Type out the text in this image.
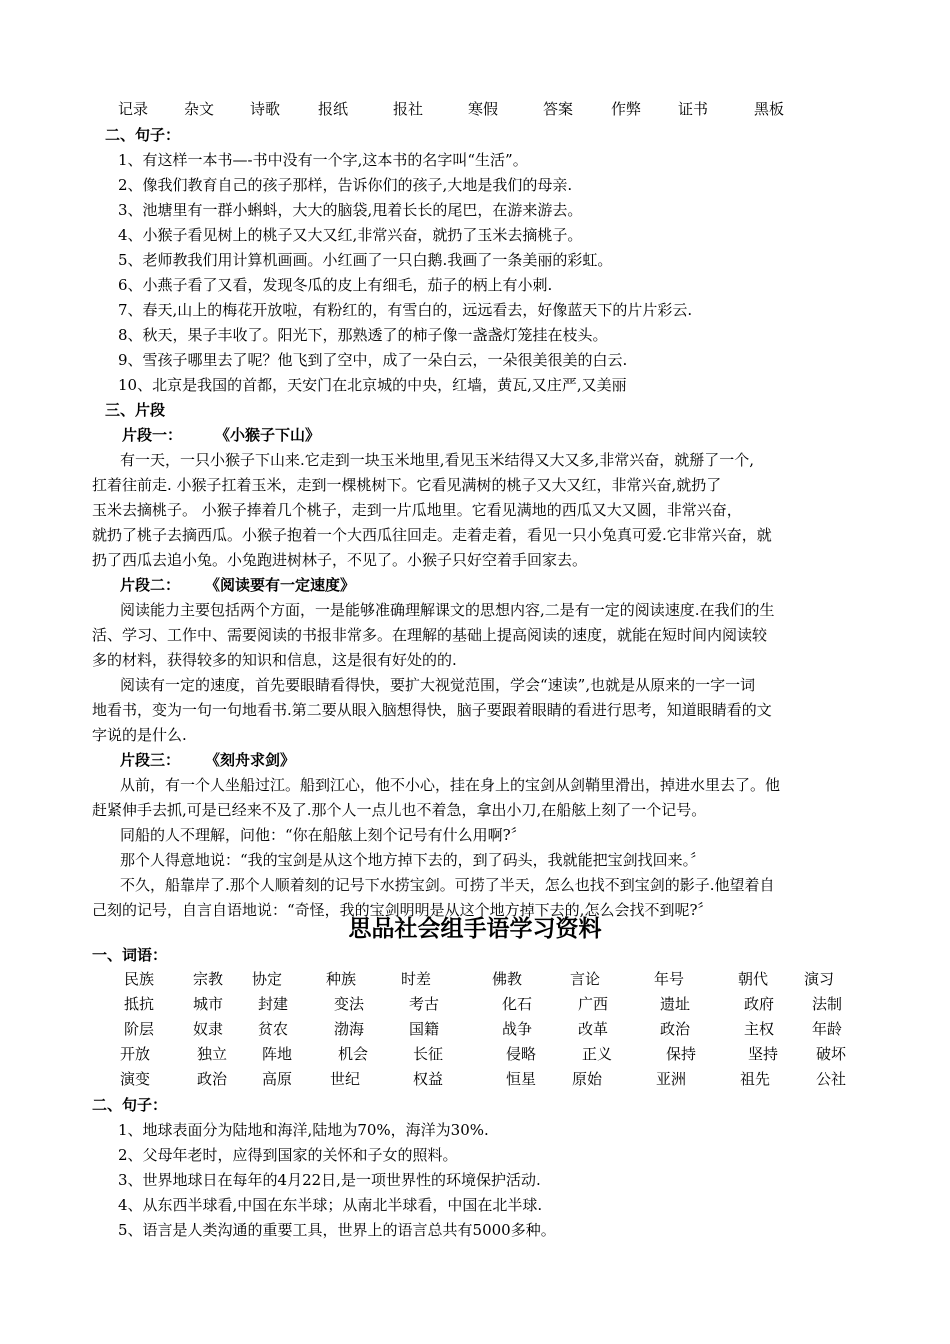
记录 杂文 诗歌	报纸	报社	寒假	答案	作弊 证书	黑板
二、句子：
1、有这样一本书—-书中没有一个字,这本书的名字叫“生活”。
2、像我们教育自己的孩子那样，告诉你们的孩子,大地是我们的母亲.
3、池塘里有一群小蝌蚪，大大的脑袋,甩着长长的尾巴，在游来游去。
4、小猴子看见树上的桃子又大又红,非常兴奋，就扔了玉米去摘桃子。
5、老师教我们用计算机画画。小红画了一只白鹅.我画了一条美丽的彩虹。
6、小燕子看了又看，发现冬瓜的皮上有细毛，茄子的柄上有小刺.
7、春天,山上的梅花开放啦，有粉红的，有雪白的，远远看去，好像蓝天下的片片彩云.
8、秋天，果子丰收了。阳光下，那熟透了的柿子像一盏盏灯笼挂在枝头。
9、雪孩子哪里去了呢？他飞到了空中，成了一朵白云，一朵很美很美的白云.
10、北京是我国的首都，天安门在北京城的中央，红墙，黄瓦,又庄严,又美丽
三、片段
片段一： 《小猴子下山》
有一天，一只小猴子下山来.它走到一块玉米地里,看见玉米结得又大又多,非常兴奋，就掰了一个,
扛着往前走. 小猴子扛着玉米，走到一棵桃树下。它看见满树的桃子又大又红，非常兴奋,就扔了
玉米去摘桃子。 小猴子捧着几个桃子，走到一片瓜地里。它看见满地的西瓜又大又圆，非常兴奋，
就扔了桃子去摘西瓜。小猴子抱着一个大西瓜往回走。走着走着，看见一只小兔真可爱.它非常兴奋，就
扔了西瓜去追小兔。小兔跑进树林子，不见了。小猴子只好空着手回家去。
片段二： 《阅读要有一定速度》
阅读能力主要包括两个方面，一是能够准确理解课文的思想内容,二是有一定的阅读速度.在我们的生
活、学习、工作中、需要阅读的书报非常多。在理解的基础上提高阅读的速度，就能在短时间内阅读较
多的材料，获得较多的知识和信息，这是很有好处的的.
阅读有一定的速度，首先要眼睛看得快，要扩大视觉范围，学会“速读”,也就是从原来的一字一词
地看书，变为一句一句地看书.第二要从眼入脑想得快，脑子要跟着眼睛的看进行思考，知道眼睛看的文
字说的是什么.
片段三： 《刻舟求剑》
从前，有一个人坐船过江。船到江心，他不小心，挂在身上的宝剑从剑鞘里滑出，掉进水里去了。他
赶紧伸手去抓,可是已经来不及了.那个人一点儿也不着急，拿出小刀,在船舷上刻了一个记号。
同船的人不理解，问他：“你在船舷上刻个记号有什么用啊?〞
那个人得意地说：“我的宝剑是从这个地方掉下去的，到了码头，我就能把宝剑找回来。〞
不久，船靠岸了.那个人顺着刻的记号下水捞宝剑。可捞了半天，怎么也找不到宝剑的影子.他望着自
己刻的记号，自言自语地说：“奇怪，我的宝剑明明是从这个地方掉下去的,怎么会找不到呢?〞
思品社会组手语学习资料
一、词语：
民族	宗教 协定	种族	时差	佛教	言论	年号	朝代 演习
抵抗	城市 封建	变法	考古	化石	广西	遗址	政府	法制
阶层	奴隶 贫农	渤海	国籍	战争	改革	政治	主权	年龄
开放	独立 阵地	机会	长征	侵略	正义	保持	坚持	破坏
演变	政治 高原	世纪	权益	恒星 原始	亚洲	祖先	公社
二、句子：
1、地球表面分为陆地和海洋,陆地为70%，海洋为30%.
2、父母年老时，应得到国家的关怀和子女的照料。
3、世界地球日在每年的4月22日,是一项世界性的环境保护活动.
4、从东西半球看,中国在东半球；从南北半球看，中国在北半球.
5、语言是人类沟通的重要工具，世界上的语言总共有5000多种。
